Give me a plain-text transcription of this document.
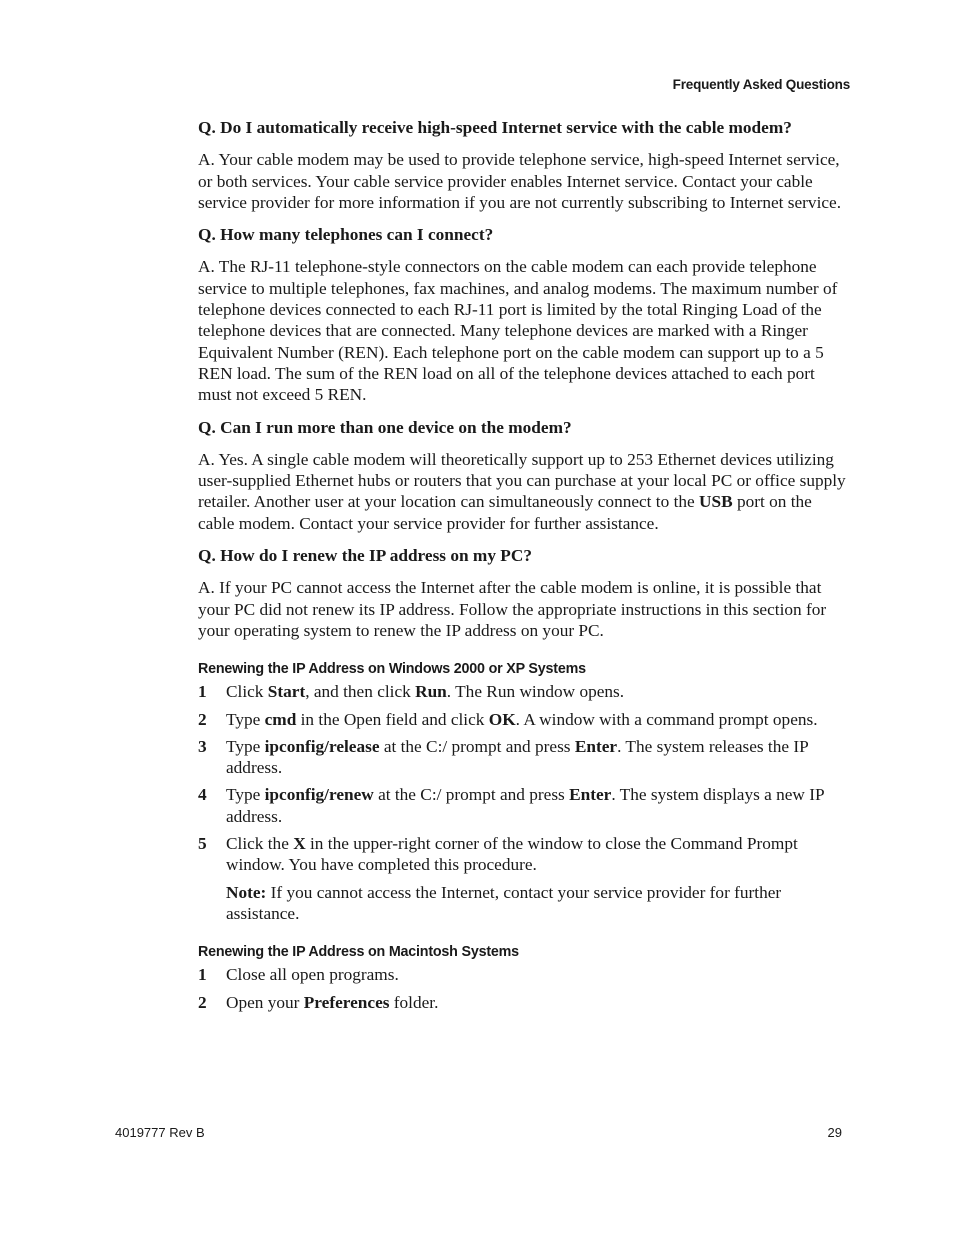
Frequently Asked Questions

Q. Do I automatically receive high-speed Internet service with the cable modem?

A. Your cable modem may be used to provide telephone service, high-speed Internet service, or both services. Your cable service provider enables Internet service. Contact your cable service provider for more information if you are not currently subscribing to Internet service.

Q. How many telephones can I connect?

A. The RJ-11 telephone-style connectors on the cable modem can each provide telephone service to multiple telephones, fax machines, and analog modems. The maximum number of telephone devices connected to each RJ-11 port is limited by the total Ringing Load of the telephone devices that are connected. Many telephone devices are marked with a Ringer Equivalent Number (REN). Each telephone port on the cable modem can support up to a 5 REN load. The sum of the REN load on all of the telephone devices attached to each port must not exceed 5 REN.

Q. Can I run more than one device on the modem?

A. Yes. A single cable modem will theoretically support up to 253 Ethernet devices utilizing user-supplied Ethernet hubs or routers that you can purchase at your local PC or office supply retailer. Another user at your location can simultaneously connect to the USB port on the cable modem. Contact your service provider for further assistance.

Q. How do I renew the IP address on my PC?

A. If your PC cannot access the Internet after the cable modem is online, it is possible that your PC did not renew its IP address. Follow the appropriate instructions in this section for your operating system to renew the IP address on your PC.

Renewing the IP Address on Windows 2000 or XP Systems
1 Click Start, and then click Run. The Run window opens.
2 Type cmd in the Open field and click OK. A window with a command prompt opens.
3 Type ipconfig/release at the C:/ prompt and press Enter. The system releases the IP address.
4 Type ipconfig/renew at the C:/ prompt and press Enter. The system displays a new IP address.
5 Click the X in the upper-right corner of the window to close the Command Prompt window. You have completed this procedure.

Note: If you cannot access the Internet, contact your service provider for further assistance.

Renewing the IP Address on Macintosh Systems
1 Close all open programs.
2 Open your Preferences folder.
4019777 Rev B	29
